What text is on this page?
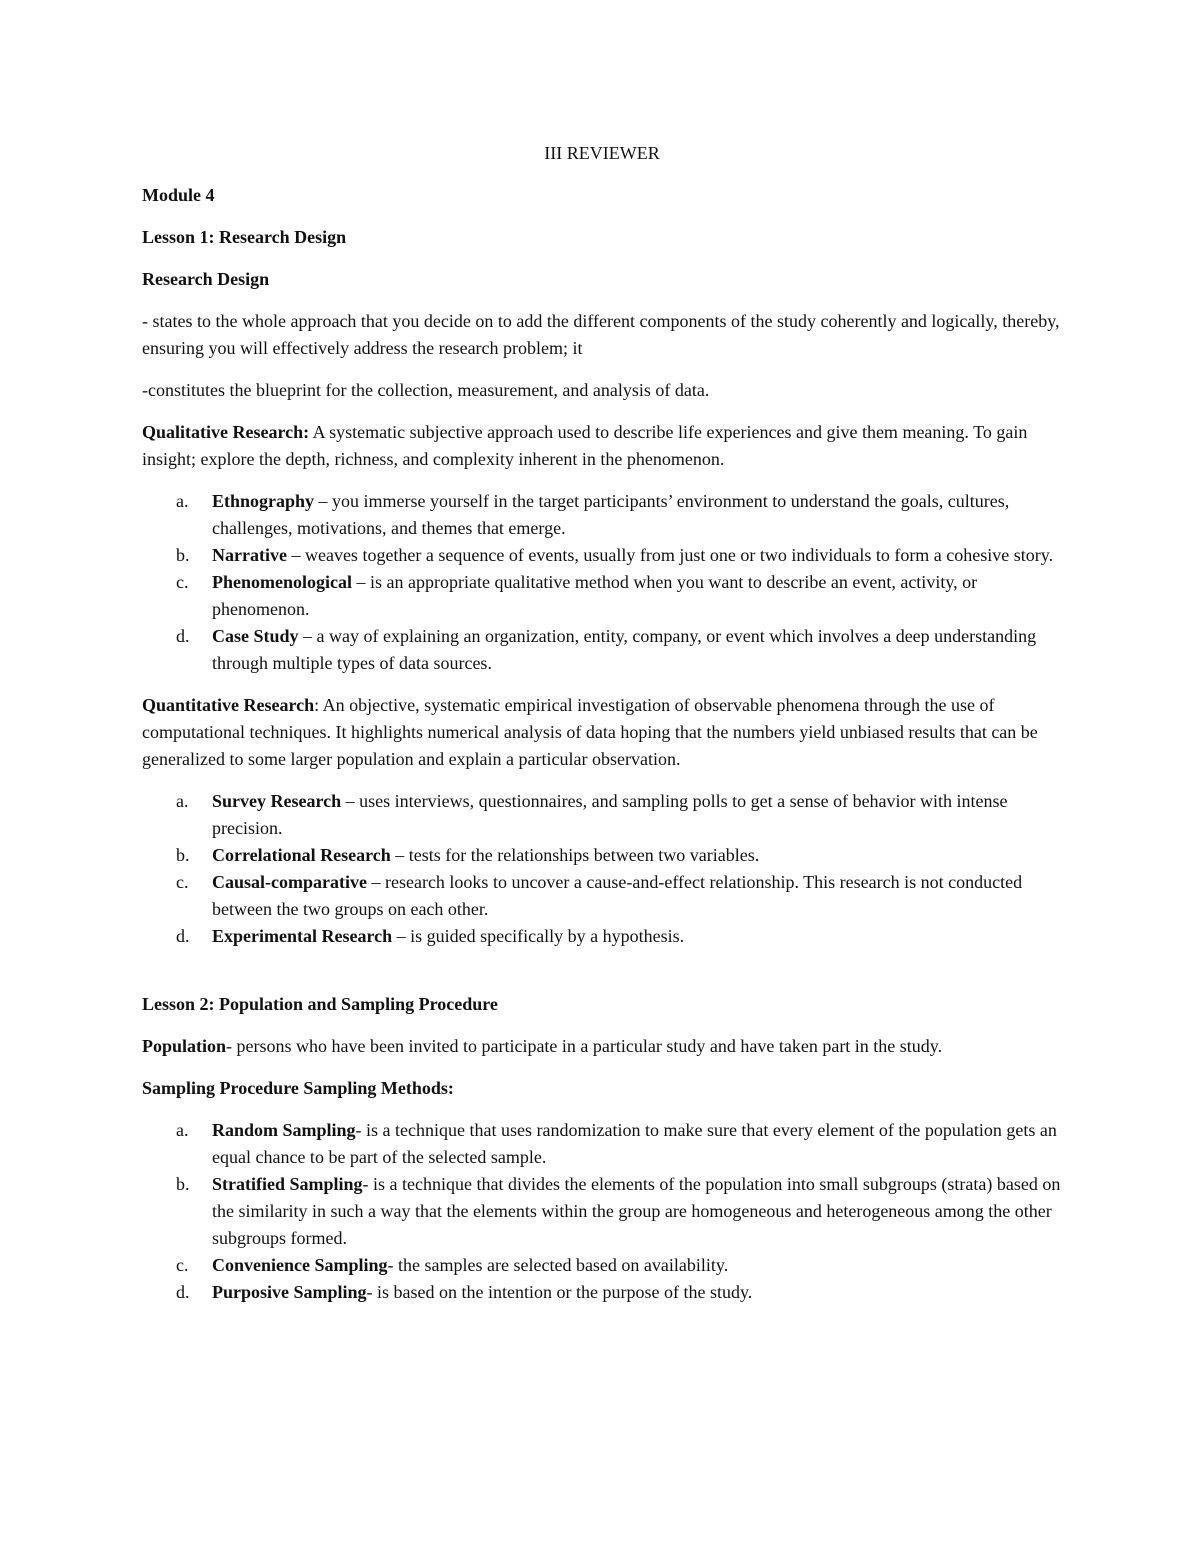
III REVIEWER
Module 4
Lesson 1: Research Design
Research Design

- states to the whole approach that you decide on to add the different components of the study coherently and logically, thereby, ensuring you will effectively address the research problem; it

-constitutes the blueprint for the collection, measurement, and analysis of data.

Qualitative Research: A systematic subjective approach used to describe life experiences and give them meaning. To gain insight; explore the depth, richness, and complexity inherent in the phenomenon.

a. Ethnography – you immerse yourself in the target participants’ environment to understand the goals, cultures, challenges, motivations, and themes that emerge.
b. Narrative – weaves together a sequence of events, usually from just one or two individuals to form a cohesive story.
c. Phenomenological – is an appropriate qualitative method when you want to describe an event, activity, or phenomenon.
d. Case Study – a way of explaining an organization, entity, company, or event which involves a deep understanding through multiple types of data sources.

Quantitative Research: An objective, systematic empirical investigation of observable phenomena through the use of computational techniques. It highlights numerical analysis of data hoping that the numbers yield unbiased results that can be generalized to some larger population and explain a particular observation.

a. Survey Research – uses interviews, questionnaires, and sampling polls to get a sense of behavior with intense precision.
b. Correlational Research – tests for the relationships between two variables.
c. Causal-comparative – research looks to uncover a cause-and-effect relationship. This research is not conducted between the two groups on each other.
d. Experimental Research – is guided specifically by a hypothesis.
Lesson 2: Population and Sampling Procedure

Population- persons who have been invited to participate in a particular study and have taken part in the study.

Sampling Procedure Sampling Methods:
a. Random Sampling- is a technique that uses randomization to make sure that every element of the population gets an equal chance to be part of the selected sample.
b. Stratified Sampling- is a technique that divides the elements of the population into small subgroups (strata) based on the similarity in such a way that the elements within the group are homogeneous and heterogeneous among the other subgroups formed.
c. Convenience Sampling- the samples are selected based on availability.
d. Purposive Sampling- is based on the intention or the purpose of the study.
